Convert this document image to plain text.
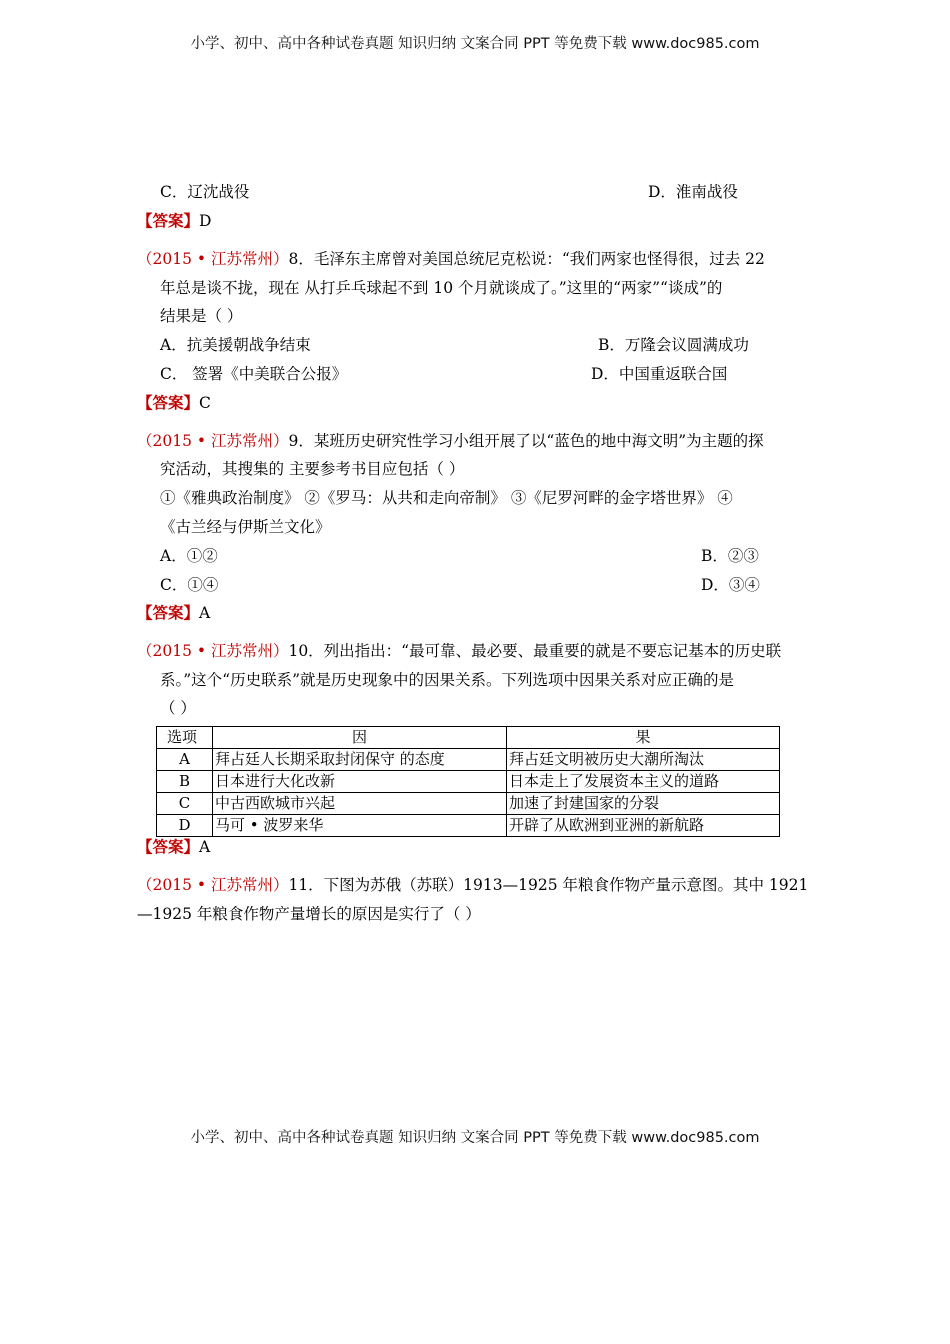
小学、初中、高中各种试卷真题 知识归纳 文案合同 PPT 等免费下载 www.doc985.com
C．辽沈战役	D．淮南战役
【答案】D
（2015 • 江苏常州）8．毛泽东主席曾对美国总统尼克松说：“我们两家也怪得很，过去 22
年总是谈不拢，现在 从打乒乓球起不到 10 个月就谈成了。”这里的“两家”“谈成”的
结果是（ ）
A．抗美援朝战争结束	B．万隆会议圆满成功
C． 签署《中美联合公报》	D．中国重返联合国
【答案】C
（2015 • 江苏常州）9．某班历史研究性学习小组开展了以“蓝色的地中海文明”为主题的探
究活动，其搜集的 主要参考书目应包括（ ）
①《雅典政治制度》 ②《罗马：从共和走向帝制》 ③《尼罗河畔的金字塔世界》 ④
《古兰经与伊斯兰文化》
A．①②	B．②③
C．①④	D．③④
【答案】A
（2015 • 江苏常州）10．列出指出：“最可靠、最必要、最重要的就是不要忘记基本的历史联
系。”这个“历史联系”就是历史现象中的因果关系。下列选项中因果关系对应正确的是
（ ）
选项	因	果
A	拜占廷人长期采取封闭保守 的态度	拜占廷文明被历史大潮所淘汰
B	日本进行大化改新	日本走上了发展资本主义的道路
C	中古西欧城市兴起	加速了封建国家的分裂
D	马可 • 波罗来华	开辟了从欧洲到亚洲的新航路
【答案】A
（2015 • 江苏常州）11．下图为苏俄（苏联）1913—1925 年粮食作物产量示意图。其中 1921
—1925 年粮食作物产量增长的原因是实行了（ ）
小学、初中、高中各种试卷真题 知识归纳 文案合同 PPT 等免费下载 www.doc985.com
